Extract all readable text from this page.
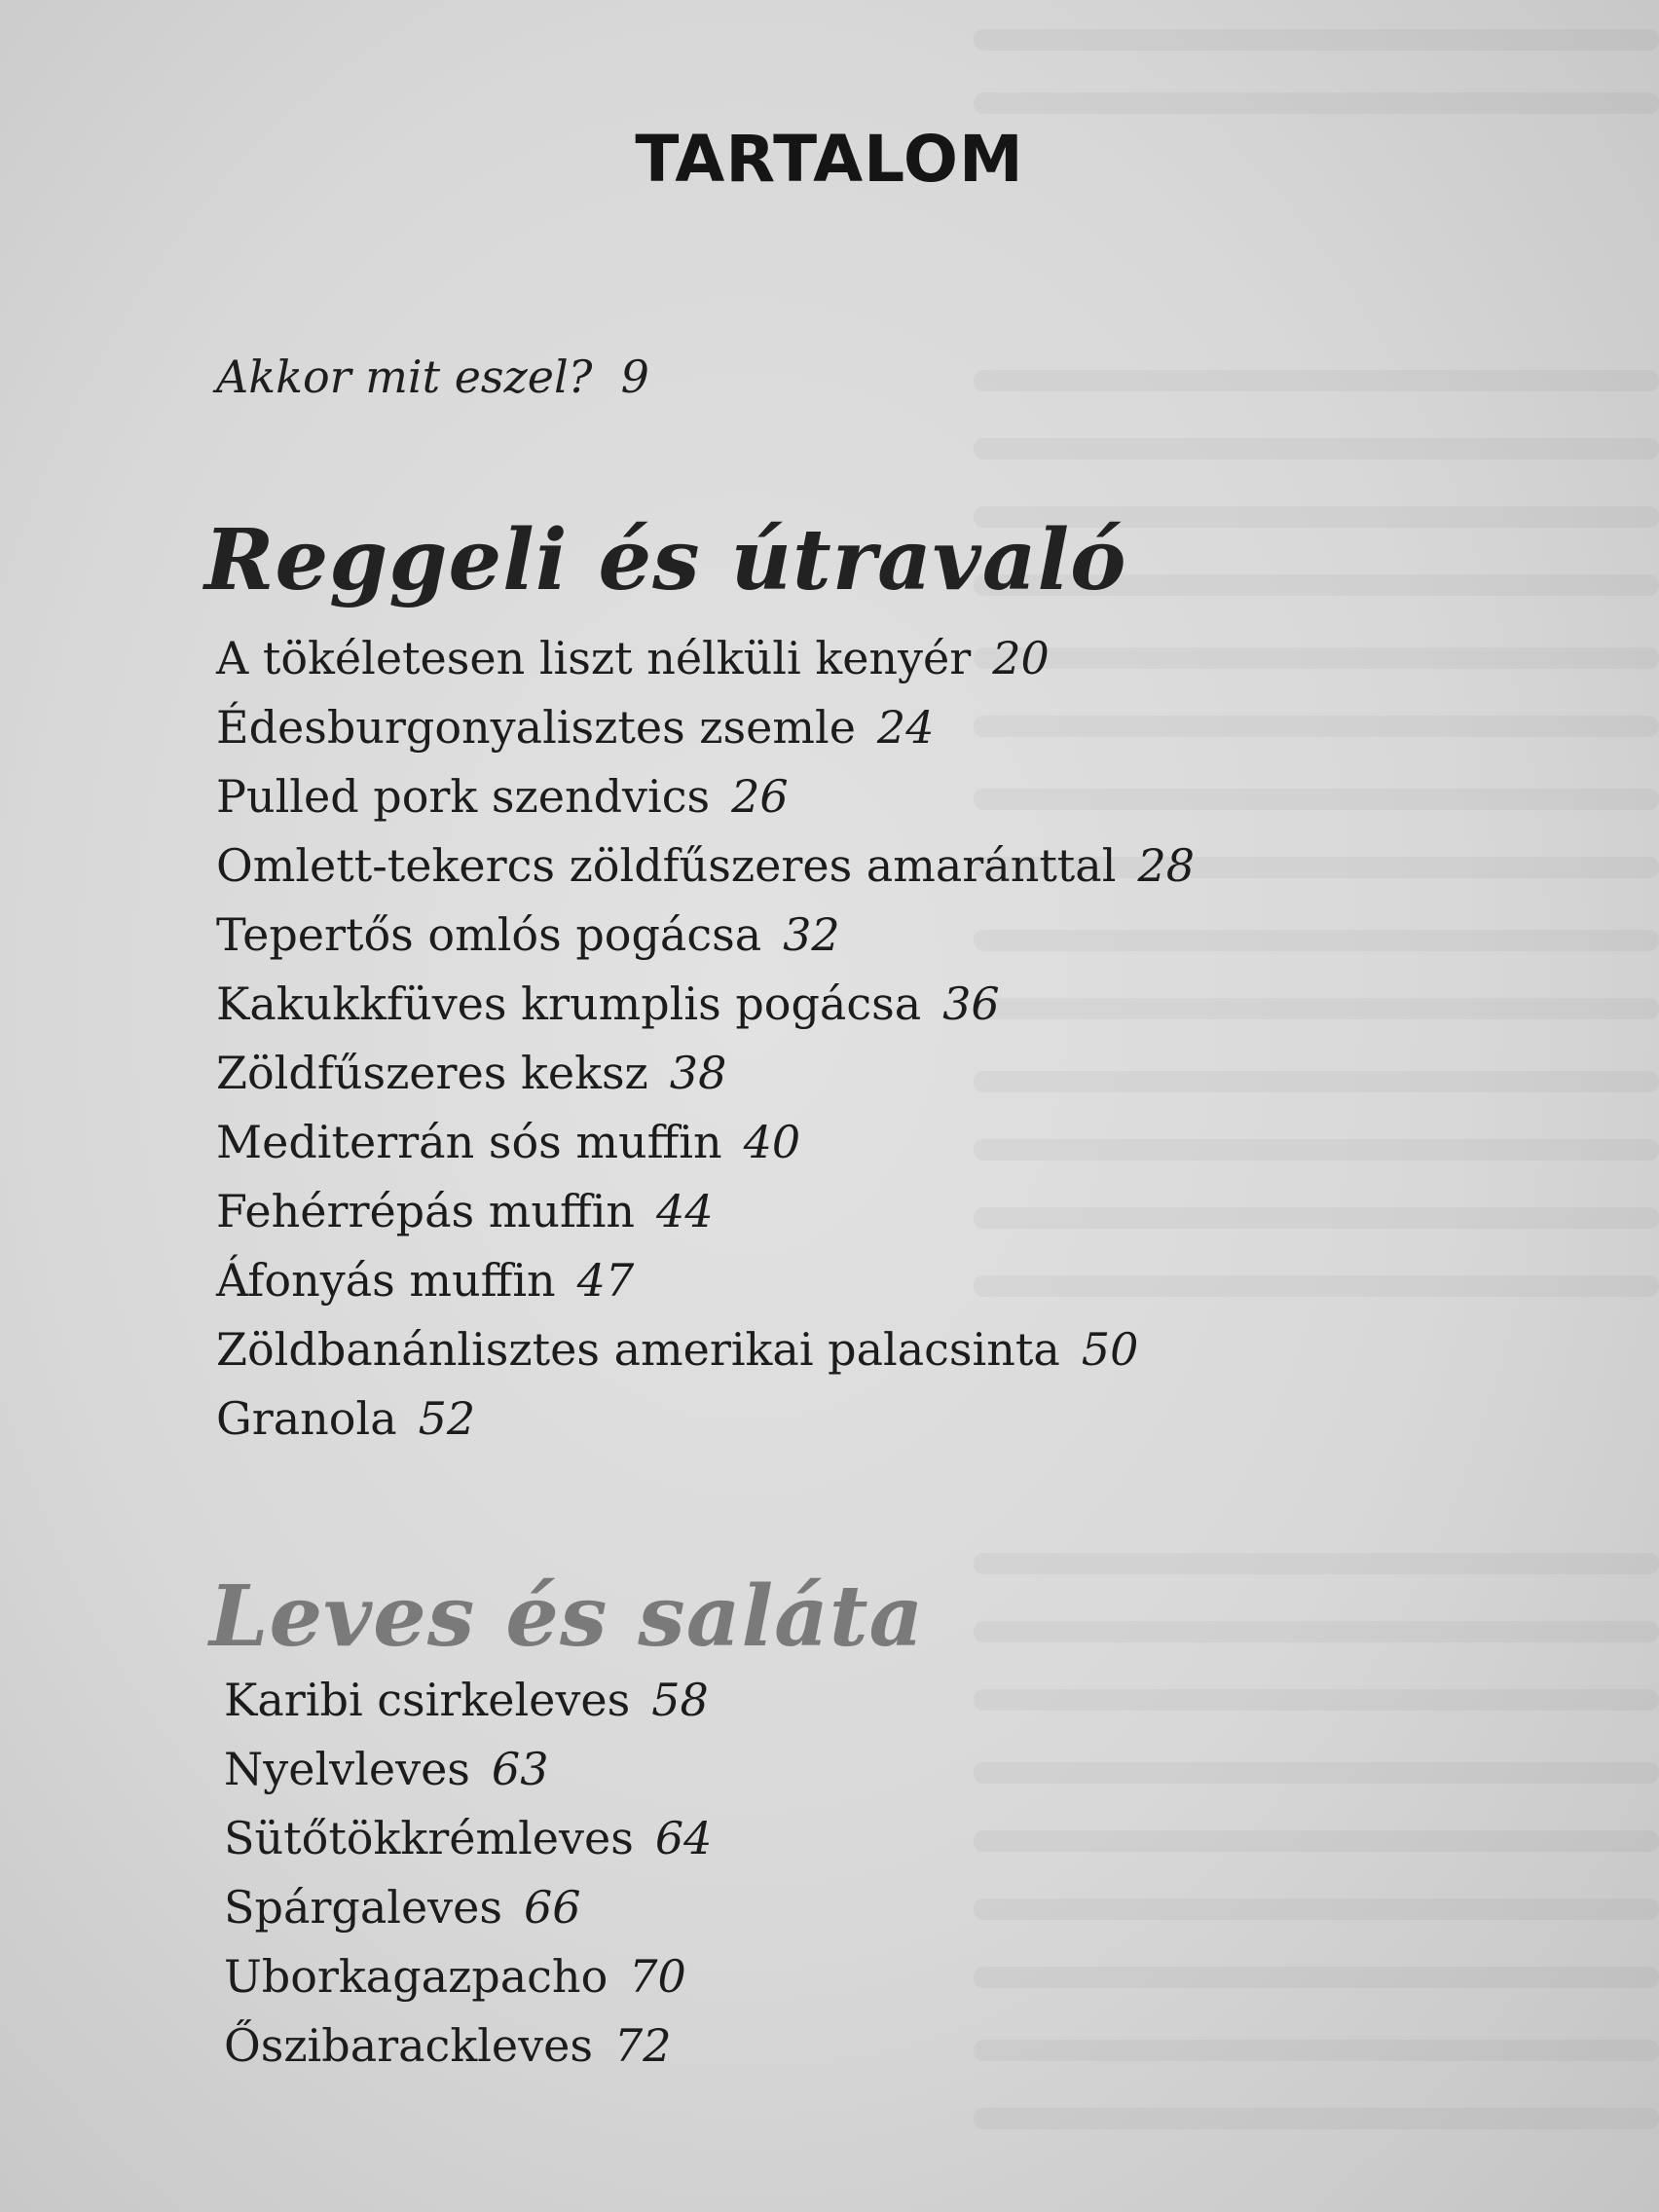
TARTALOM
Akkor mit eszel? 9
Reggeli és útravaló
A tökéletesen liszt nélküli kenyér 20
Édesburgonyalisztes zsemle 24
Pulled pork szendvics 26
Omlett-tekercs zöldfűszeres amaránttal 28
Tepertős omlós pogácsa 32
Kakukkfüves krumplis pogácsa 36
Zöldfűszeres keksz 38
Mediterrán sós muffin 40
Fehérrépás muffin 44
Áfonyás muffin 47
Zöldbanánlisztes amerikai palacsinta 50
Granola 52
Leves és saláta
Karibi csirkeleves 58
Nyelvleves 63
Sütőtökkrémleves 64
Spárgaleves 66
Uborkagazpacho 70
Őszibarackleves 72
